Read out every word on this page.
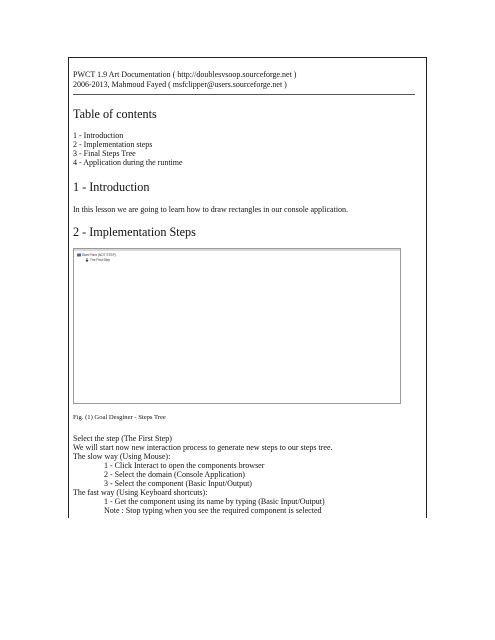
PWCT 1.9 Art Documentation ( http://doublesvsoop.sourceforge.net )
2006-2013, Mahmoud Fayed ( msfclipper@users.sourceforge.net )
Table of contents
1 - Introduction
2 - Implementation steps
3 - Final Steps Tree
4 - Application during the runtime
1 - Introduction
In this lesson we are going to learn how to draw rectangles in our console application.
2 - Implementation Steps
Start Point (NOT STEP)
The First Step
Fig. (1) Goal Desginer - Steps Tree
Select the step (The First Step)
We will start now new interaction process to generate new steps to our steps tree.
The slow way (Using Mouse):
1 - Click Interact to open the components browser
2 - Select the domain (Console Application)
3 - Select the component (Basic Input/Output)
The fast way (Using Keyboard shortcuts):
1 - Get the component using its name by typing (Basic Input/Output)
Note : Stop typing when you see the required component is selected
